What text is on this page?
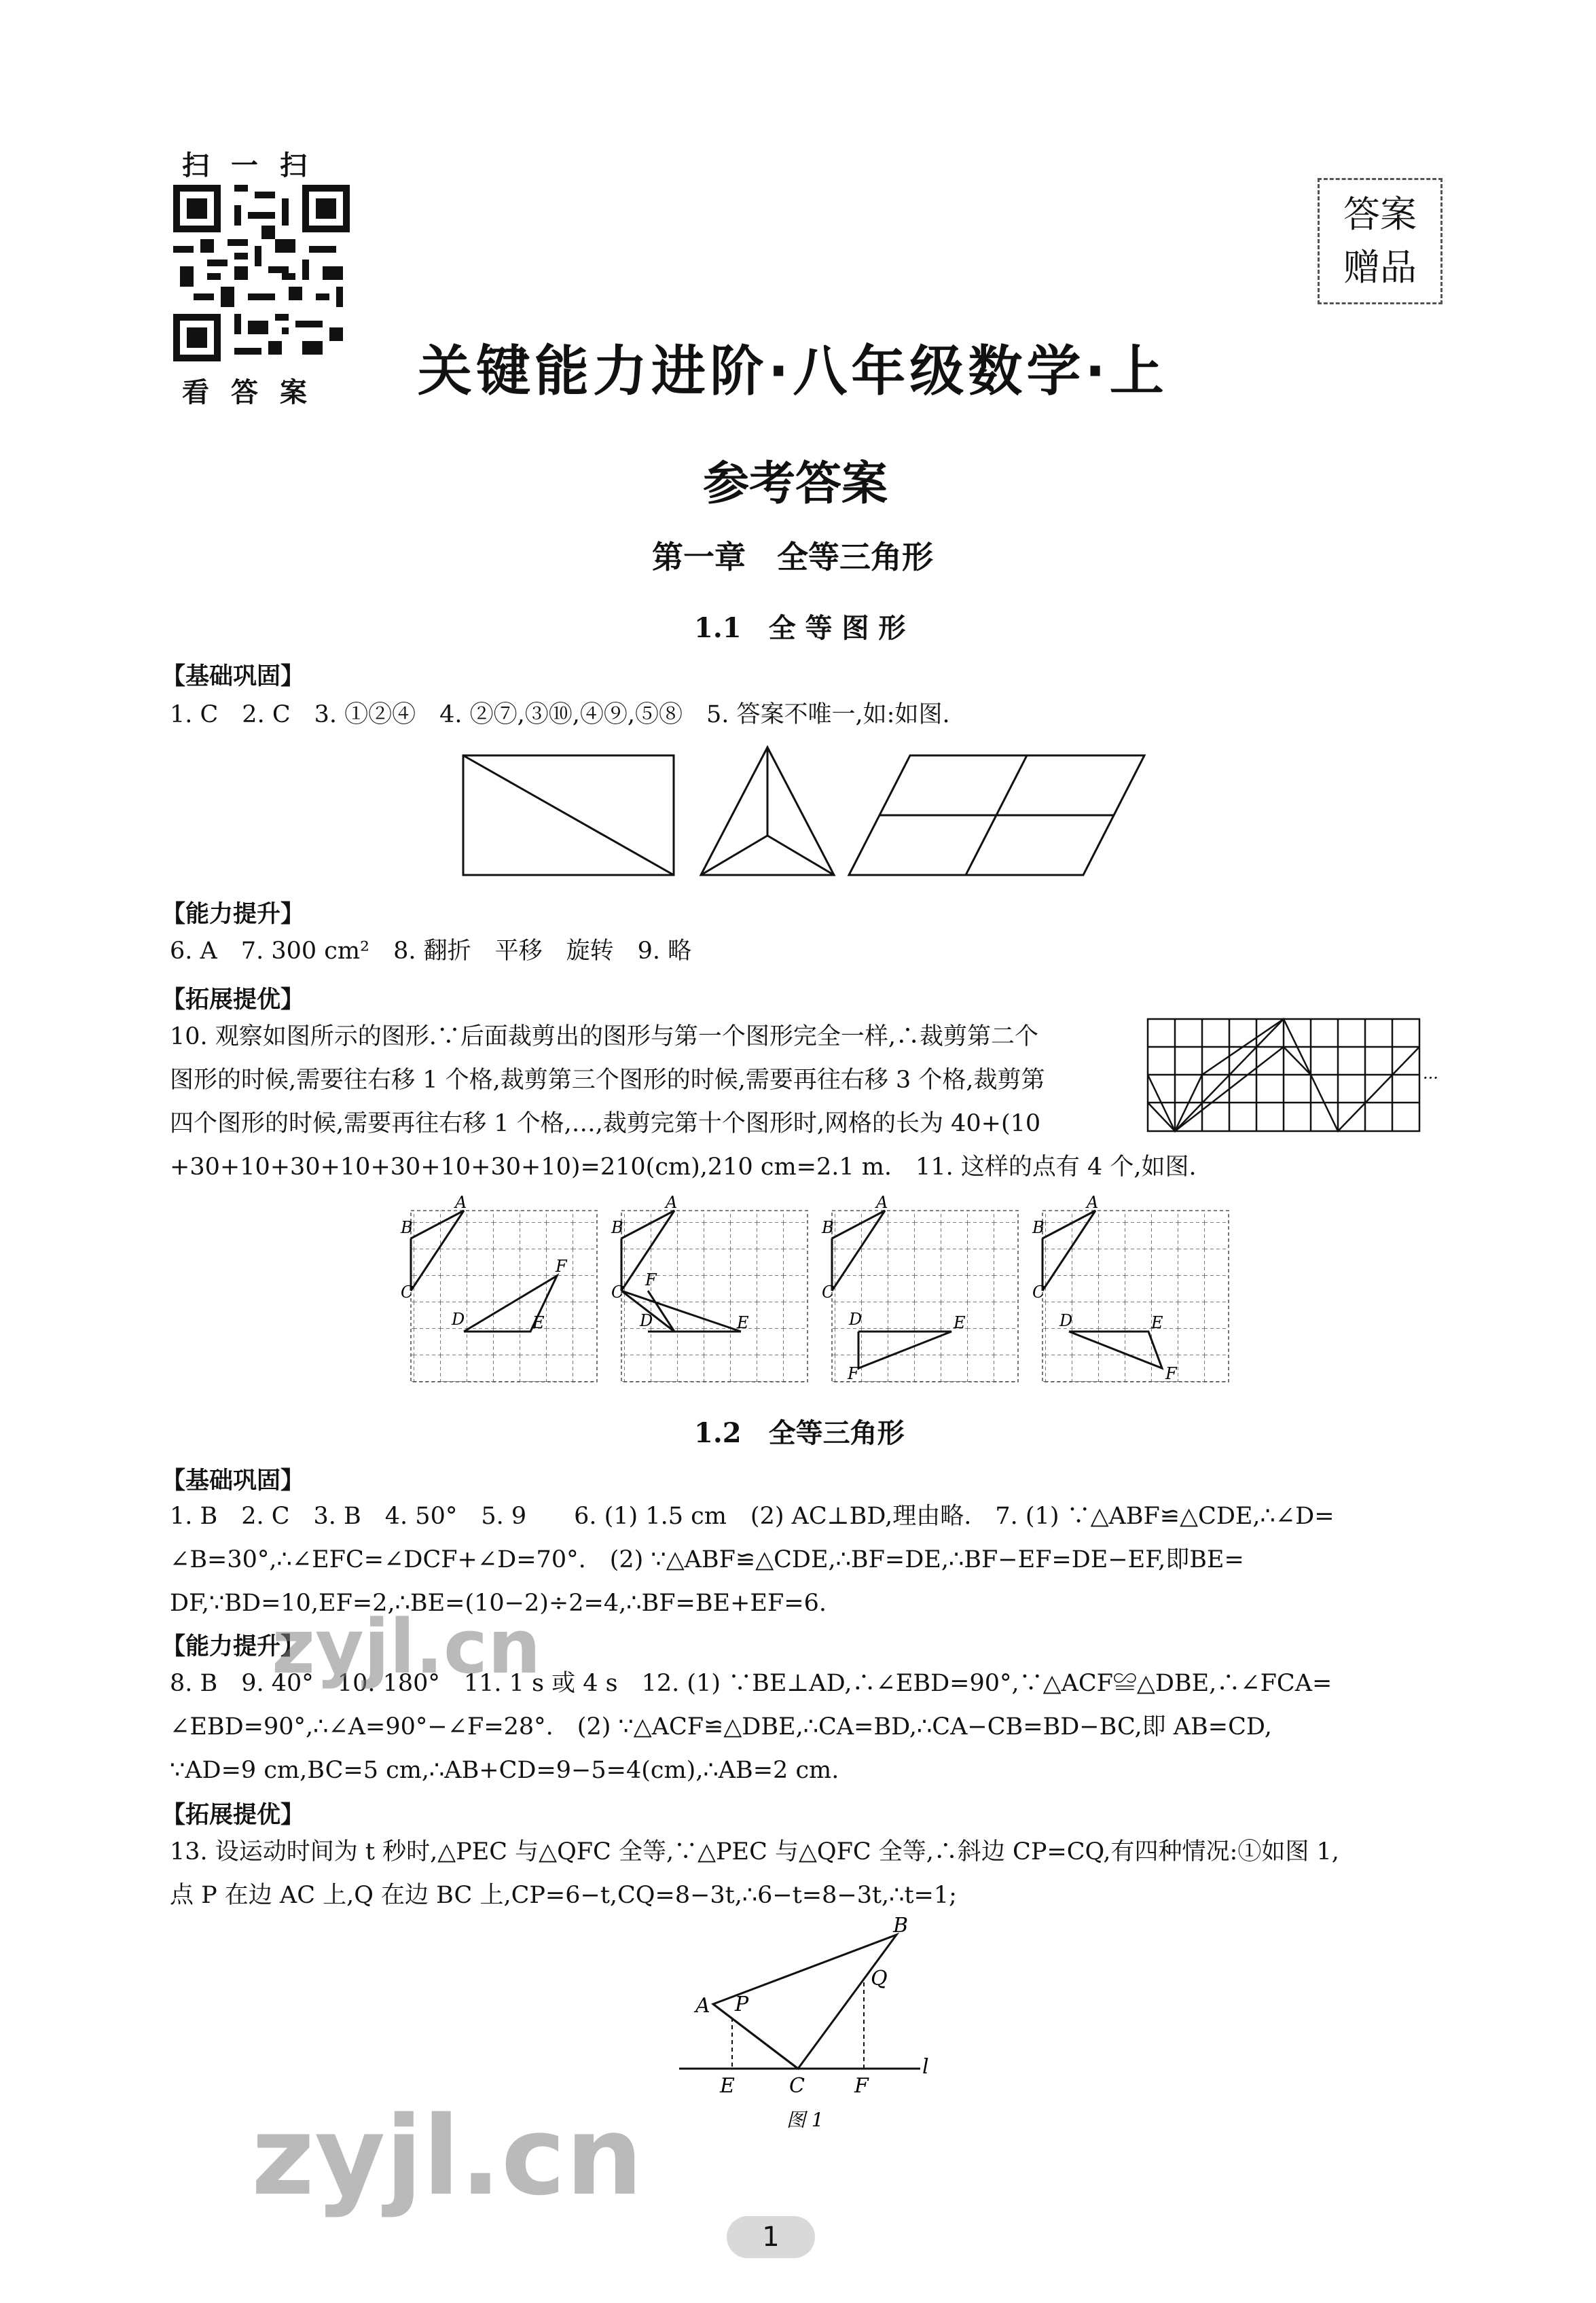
扫一扫
看答案
答案
赠品
关键能力进阶·八年级数学·上
参考答案
第一章　全等三角形
1.1　全 等 图 形
【基础巩固】
1. C　2. C　3. ①②④　4. ②⑦,③⑩,④⑨,⑤⑧　5. 答案不唯一,如:如图.
【能力提升】
6. A　7. 300 cm²　8. 翻折　平移　旋转　9. 略
【拓展提优】
10. 观察如图所示的图形.∵后面裁剪出的图形与第一个图形完全一样,∴裁剪第二个
图形的时候,需要往右移 1 个格,裁剪第三个图形的时候,需要再往右移 3 个格,裁剪第
四个图形的时候,需要再往右移 1 个格,…,裁剪完第十个图形时,网格的长为 40+(10
+30+10+30+10+30+10+30+10)=210(cm),210 cm=2.1 m.　11. 这样的点有 4 个,如图.
···
B
A
C
D	E
F
B
A
C
D	E
F
B
A
C
D	E
F
B
A
C
D	E
F
1.2　全等三角形
【基础巩固】
1. B　2. C　3. B　4. 50°　5. 9　　6. (1) 1.5 cm　(2) AC⊥BD,理由略.　7. (1) ∵△ABF≌△CDE,∴∠D=
∠B=30°,∴∠EFC=∠DCF+∠D=70°.　(2) ∵△ABF≌△CDE,∴BF=DE,∴BF−EF=DE−EF,即BE=
DF,∵BD=10,EF=2,∴BE=(10−2)÷2=4,∴BF=BE+EF=6.
【能力提升】
8. B　9. 40°　10. 180°　11. 1 s 或 4 s　12. (1) ∵BE⊥AD,∴∠EBD=90°,∵△ACF≌△DBE,∴∠FCA=
∠EBD=90°,∴∠A=90°−∠F=28°.　(2) ∵△ACF≌△DBE,∴CA=BD,∴CA−CB=BD−BC,即 AB=CD,
∵AD=9 cm,BC=5 cm,∴AB+CD=9−5=4(cm),∴AB=2 cm.
【拓展提优】
13. 设运动时间为 t 秒时,△PEC 与△QFC 全等,∵△PEC 与△QFC 全等,∴斜边 CP=CQ,有四种情况:①如图 1,
点 P 在边 AC 上,Q 在边 BC 上,CP=6−t,CQ=8−3t,∴6−t=8−3t,∴t=1;
A P
B
Q
E	C F
l
图 1
zyjl.cn
zyjl.cn
1
